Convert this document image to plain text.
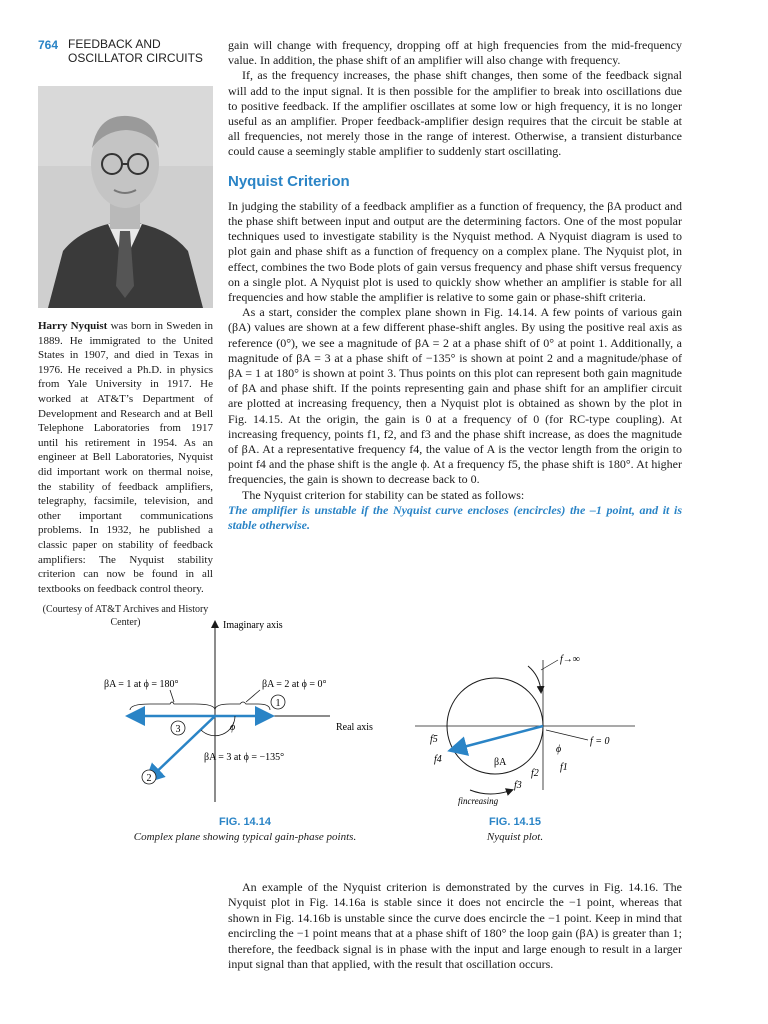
764 FEEDBACK AND OSCILLATOR CIRCUITS
Harry Nyquist was born in Sweden in 1889. He immigrated to the United States in 1907, and died in Texas in 1976. He received a Ph.D. in physics from Yale University in 1917. He worked at AT&T’s Department of Development and Research and at Bell Telephone Laboratories from 1917 until his retirement in 1954. As an engineer at Bell Laboratories, Nyquist did important work on thermal noise, the stability of feedback amplifiers, telegraphy, facsimile, television, and other important communications problems. In 1932, he published a classic paper on stability of feedback amplifiers: The Nyquist stability criterion can now be found in all textbooks on feedback control theory.
(Courtesy of AT&T Archives and History Center)

gain will change with frequency, dropping off at high frequencies from the mid-frequency value. In addition, the phase shift of an amplifier will also change with frequency.

If, as the frequency increases, the phase shift changes, then some of the feedback signal will add to the input signal. It is then possible for the amplifier to break into oscillations due to positive feedback. If the amplifier oscillates at some low or high frequency, it is no longer useful as an amplifier. Proper feedback-amplifier design requires that the circuit be stable at all frequencies, not merely those in the range of interest. Otherwise, a transient disturbance could cause a seemingly stable amplifier to suddenly start oscillating.

Nyquist Criterion

In judging the stability of a feedback amplifier as a function of frequency, the βA product and the phase shift between input and output are the determining factors. One of the most popular techniques used to investigate stability is the Nyquist method. A Nyquist diagram is used to plot gain and phase shift as a function of frequency on a complex plane. The Nyquist plot, in effect, combines the two Bode plots of gain versus frequency and phase shift versus frequency on a single plot. A Nyquist plot is used to quickly show whether an amplifier is stable for all frequencies and how stable the amplifier is relative to some gain or phase-shift criteria.

As a start, consider the complex plane shown in Fig. 14.14. A few points of various gain (βA) values are shown at a few different phase-shift angles. By using the positive real axis as reference (0°), we see a magnitude of βA = 2 at a phase shift of 0° at point 1. Additionally, a magnitude of βA = 3 at a phase shift of −135° is shown at point 2 and a magnitude/phase of βA = 1 at 180° is shown at point 3. Thus points on this plot can represent both gain magnitude of βA and phase shift. If the points representing gain and phase shift for an amplifier circuit are plotted at increasing frequency, then a Nyquist plot is obtained as shown by the plot in Fig. 14.15. At the origin, the gain is 0 at a frequency of 0 (for RC-type coupling). At increasing frequency, points f1, f2, and f3 and the phase shift increase, as does the magnitude of βA. At a representative frequency f4, the value of A is the vector length from the origin to point f4 and the phase shift is the angle ϕ. At a frequency f5, the phase shift is 180°. At higher frequencies, the gain is shown to decrease back to 0.

The Nyquist criterion for stability can be stated as follows:

The amplifier is unstable if the Nyquist curve encloses (encircles) the –1 point, and it is stable otherwise.

Imaginary axis
Real axis
ϕ
βA = 1 at ϕ = 180°	βA = 2 at ϕ = 0°
βA = 3 at ϕ = −135°
1
3
2
FIG. 14.14
Complex plane showing typical gain-phase points.
f→∞
f = 0
f5
f4	βA
ϕ
f1
f2
f3
fincreasing
FIG. 14.15
Nyquist plot.

An example of the Nyquist criterion is demonstrated by the curves in Fig. 14.16. The Nyquist plot in Fig. 14.16a is stable since it does not encircle the −1 point, whereas that shown in Fig. 14.16b is unstable since the curve does encircle the −1 point. Keep in mind that encircling the −1 point means that at a phase shift of 180° the loop gain (βA) is greater than 1; therefore, the feedback signal is in phase with the input and large enough to result in a larger input signal than that applied, with the result that oscillation occurs.
